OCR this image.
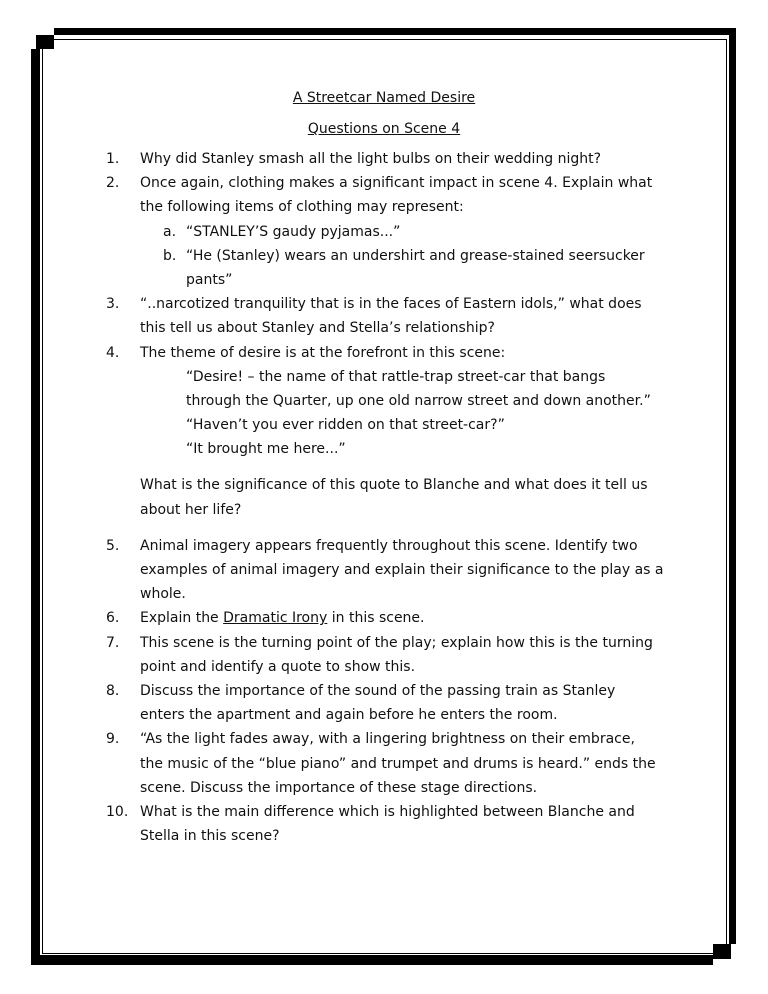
A Streetcar Named Desire
Questions on Scene 4
1. Why did Stanley smash all the light bulbs on their wedding night?
2. Once again, clothing makes a significant impact in scene 4. Explain what
the following items of clothing may represent:
a. “STANLEY’S gaudy pyjamas...”
b. “He (Stanley) wears an undershirt and grease-stained seersucker
pants”
3. “..narcotized tranquility that is in the faces of Eastern idols,” what does
this tell us about Stanley and Stella’s relationship?
4. The theme of desire is at the forefront in this scene:
“Desire! – the name of that rattle-trap street-car that bangs
through the Quarter, up one old narrow street and down another.”
“Haven’t you ever ridden on that street-car?”
“It brought me here...”
What is the significance of this quote to Blanche and what does it tell us
about her life?
5. Animal imagery appears frequently throughout this scene. Identify two
examples of animal imagery and explain their significance to the play as a
whole.
6. Explain the Dramatic Irony in this scene.
7. This scene is the turning point of the play; explain how this is the turning
point and identify a quote to show this.
8. Discuss the importance of the sound of the passing train as Stanley
enters the apartment and again before he enters the room.
9. “As the light fades away, with a lingering brightness on their embrace,
the music of the “blue piano” and trumpet and drums is heard.” ends the
scene. Discuss the importance of these stage directions.
10. What is the main difference which is highlighted between Blanche and
Stella in this scene?
